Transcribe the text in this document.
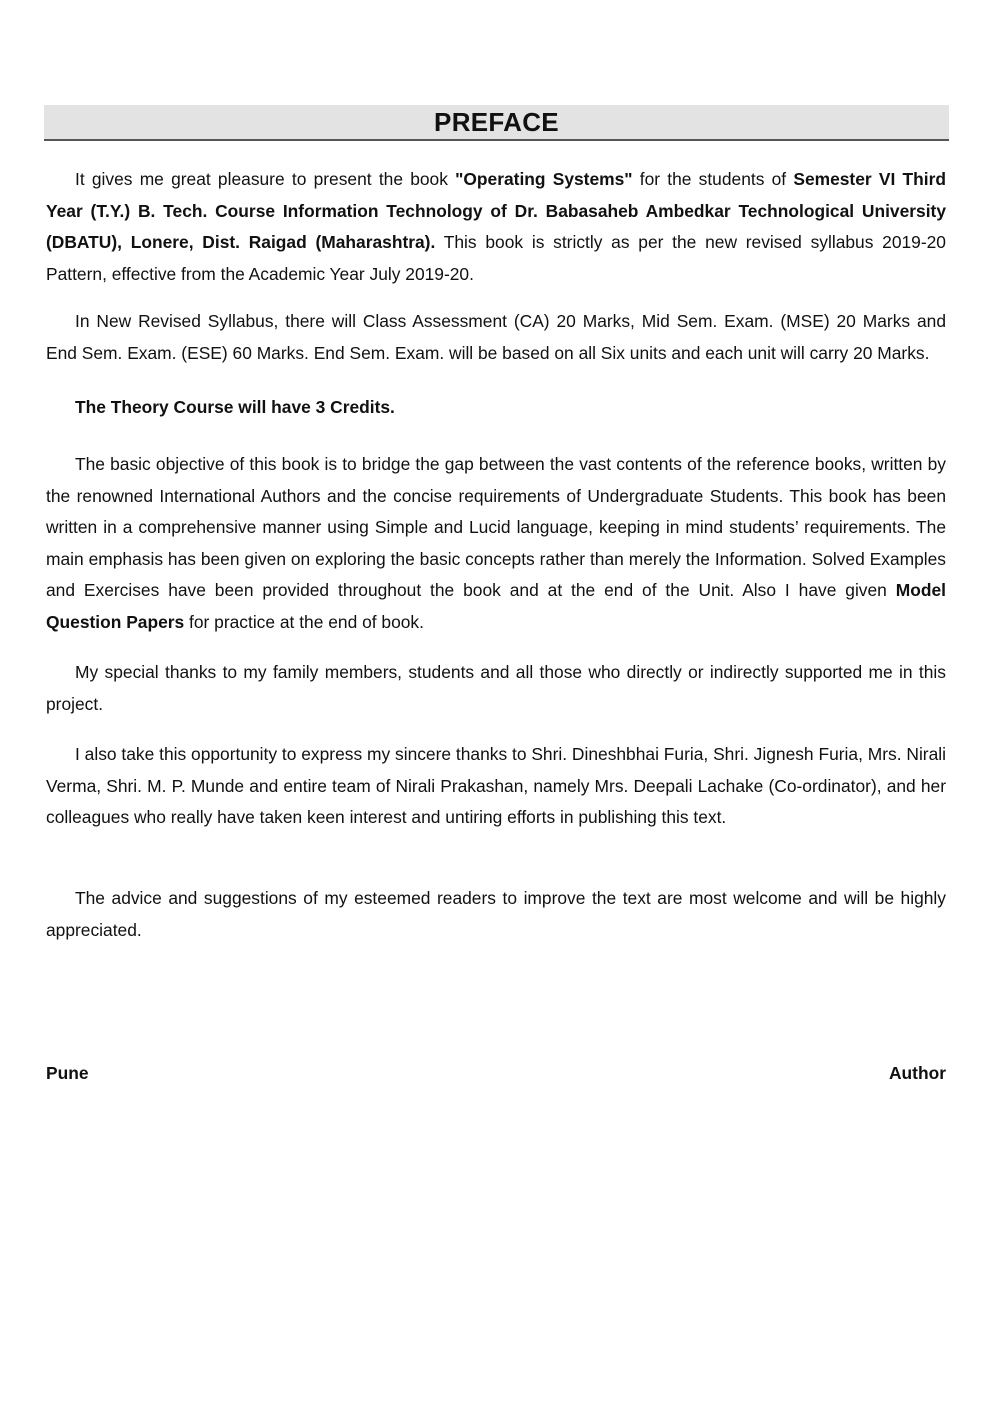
PREFACE

It gives me great pleasure to present the book "Operating Systems" for the students of Semester VI Third Year (T.Y.) B. Tech. Course Information Technology of Dr. Babasaheb Ambedkar Technological University (DBATU), Lonere, Dist. Raigad (Maharashtra). This book is strictly as per the new revised syllabus 2019-20 Pattern, effective from the Academic Year July 2019-20.

In New Revised Syllabus, there will Class Assessment (CA) 20 Marks, Mid Sem. Exam. (MSE) 20 Marks and End Sem. Exam. (ESE) 60 Marks. End Sem. Exam. will be based on all Six units and each unit will carry 20 Marks.

The Theory Course will have 3 Credits.

The basic objective of this book is to bridge the gap between the vast contents of the reference books, written by the renowned International Authors and the concise requirements of Undergraduate Students. This book has been written in a comprehensive manner using Simple and Lucid language, keeping in mind students’ requirements. The main emphasis has been given on exploring the basic concepts rather than merely the Information. Solved Examples and Exercises have been provided throughout the book and at the end of the Unit. Also I have given Model Question Papers for practice at the end of book.

My special thanks to my family members, students and all those who directly or indirectly supported me in this project.

I also take this opportunity to express my sincere thanks to Shri. Dineshbhai Furia, Shri. Jignesh Furia, Mrs. Nirali Verma, Shri. M. P. Munde and entire team of Nirali Prakashan, namely Mrs. Deepali Lachake (Co-ordinator), and her colleagues who really have taken keen interest and untiring efforts in publishing this text.

The advice and suggestions of my esteemed readers to improve the text are most welcome and will be highly appreciated.

Pune	Author
